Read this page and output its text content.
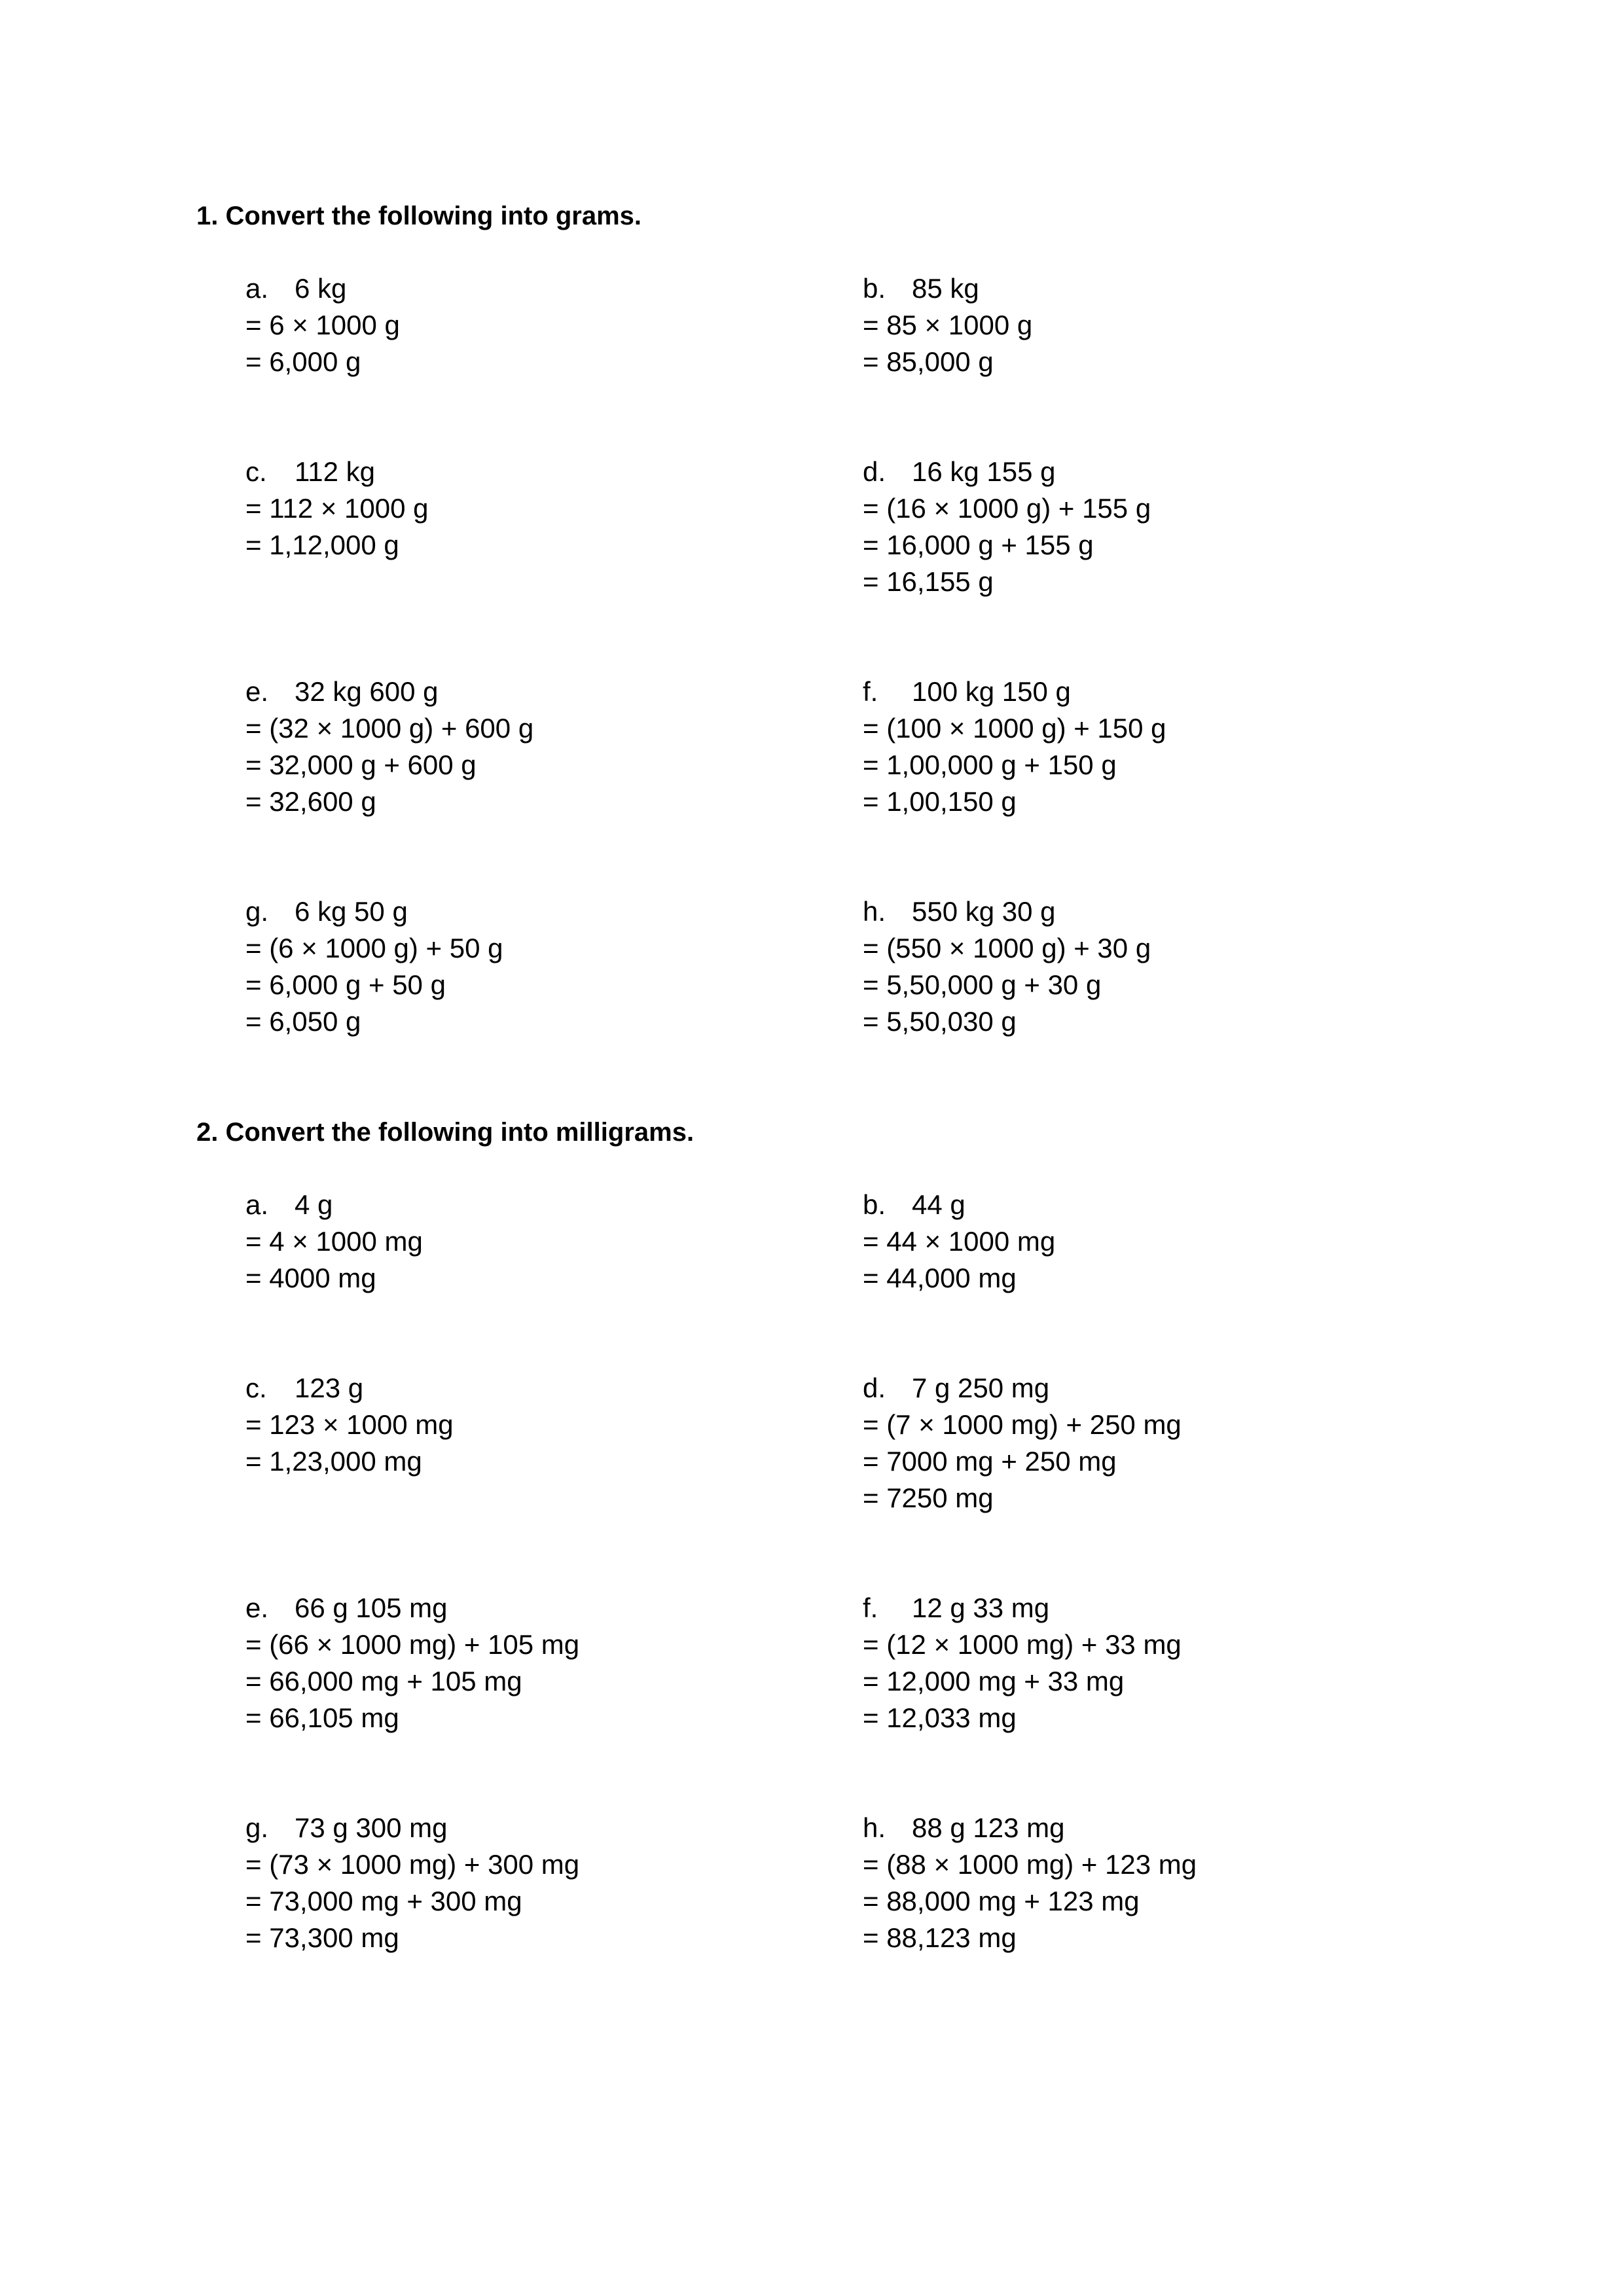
1. Convert the following into grams.
a. 6 kg
= 6 × 1000 g
= 6,000 g
b. 85 kg
= 85 × 1000 g
= 85,000 g
c. 112 kg
= 112 × 1000 g
= 1,12,000 g
d. 16 kg 155 g
= (16 × 1000 g) + 155 g
= 16,000 g + 155 g
= 16,155 g
e. 32 kg 600 g
= (32 × 1000 g) + 600 g
= 32,000 g + 600 g
= 32,600 g
f. 100 kg 150 g
= (100 × 1000 g) + 150 g
= 1,00,000 g + 150 g
= 1,00,150 g
g. 6 kg 50 g
= (6 × 1000 g) + 50 g
= 6,000 g + 50 g
= 6,050 g
h. 550 kg 30 g
= (550 × 1000 g) + 30 g
= 5,50,000 g + 30 g
= 5,50,030 g
2. Convert the following into milligrams.
a. 4 g
= 4 × 1000 mg
= 4000 mg
b. 44 g
= 44 × 1000 mg
= 44,000 mg
c. 123 g
= 123 × 1000 mg
= 1,23,000 mg
d. 7 g 250 mg
= (7 × 1000 mg) + 250 mg
= 7000 mg + 250 mg
= 7250 mg
e. 66 g 105 mg
= (66 × 1000 mg) + 105 mg
= 66,000 mg + 105 mg
= 66,105 mg
f. 12 g 33 mg
= (12 × 1000 mg) + 33 mg
= 12,000 mg + 33 mg
= 12,033 mg
g. 73 g 300 mg
= (73 × 1000 mg) + 300 mg
= 73,000 mg + 300 mg
= 73,300 mg
h. 88 g 123 mg
= (88 × 1000 mg) + 123 mg
= 88,000 mg + 123 mg
= 88,123 mg
